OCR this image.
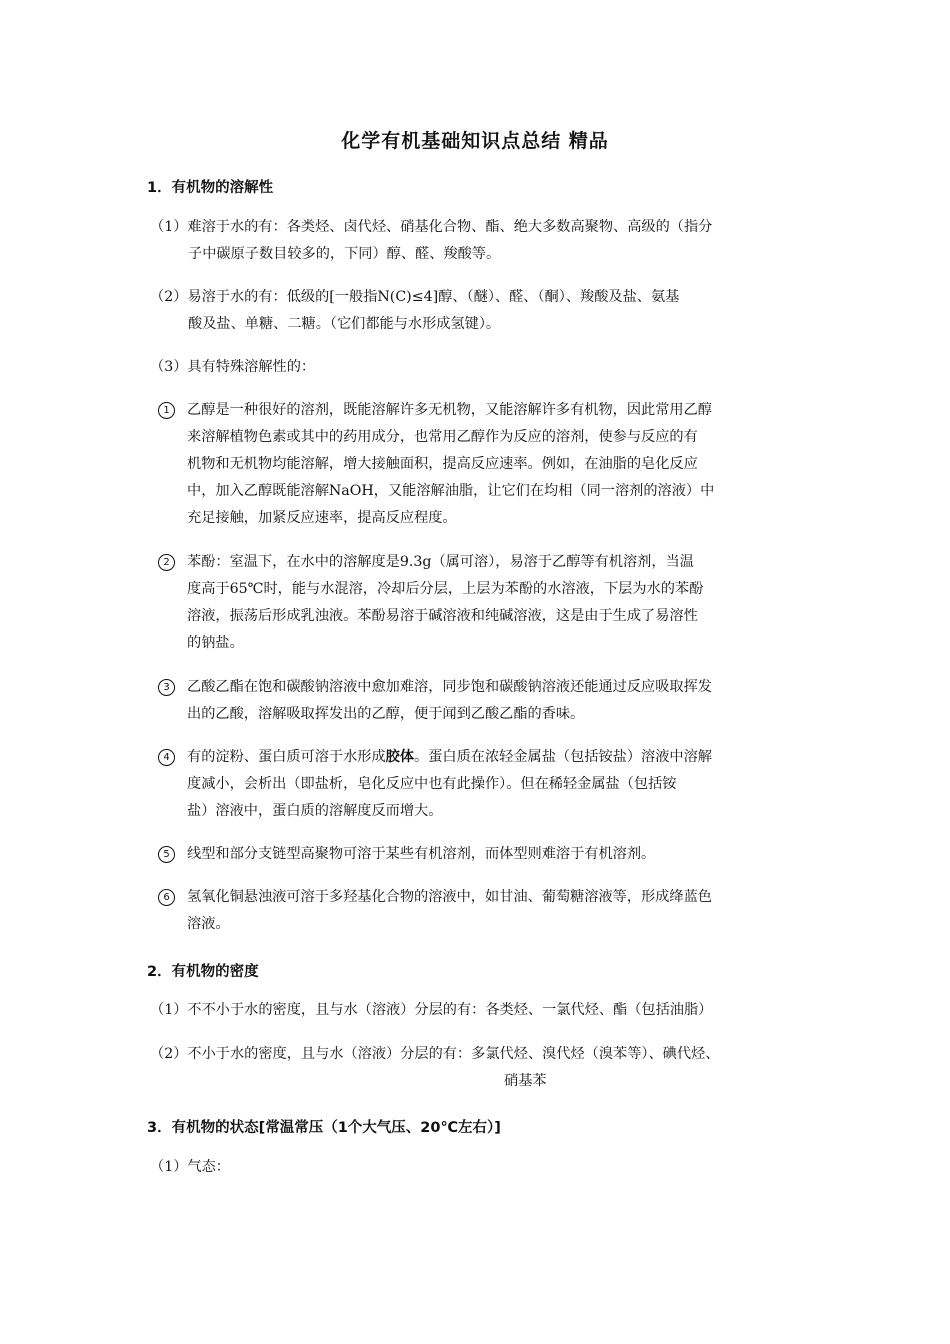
化学有机基础知识点总结 精品
1．有机物的溶解性
（1）难溶于水的有：各类烃、卤代烃、硝基化合物、酯、绝大多数高聚物、高级的（指分
子中碳原子数目较多的，下同）醇、醛、羧酸等。
（2）易溶于水的有：低级的[一般指N(C)≤4]醇、（醚）、醛、（酮）、羧酸及盐、氨基
酸及盐、单糖、二糖。（它们都能与水形成氢键）。
（3）具有特殊溶解性的：
1 乙醇是一种很好的溶剂，既能溶解许多无机物，又能溶解许多有机物，因此常用乙醇
来溶解植物色素或其中的药用成分，也常用乙醇作为反应的溶剂，使参与反应的有
机物和无机物均能溶解，增大接触面积，提高反应速率。例如，在油脂的皂化反应
中，加入乙醇既能溶解NaOH，又能溶解油脂，让它们在均相（同一溶剂的溶液）中
充足接触，加紧反应速率，提高反应程度。
2 苯酚：室温下，在水中的溶解度是9.3g（属可溶），易溶于乙醇等有机溶剂，当温
度高于65℃时，能与水混溶，冷却后分层，上层为苯酚的水溶液，下层为水的苯酚
溶液，振荡后形成乳浊液。苯酚易溶于碱溶液和纯碱溶液，这是由于生成了易溶性
的钠盐。
3 乙酸乙酯在饱和碳酸钠溶液中愈加难溶，同步饱和碳酸钠溶液还能通过反应吸取挥发
出的乙酸，溶解吸取挥发出的乙醇，便于闻到乙酸乙酯的香味。
4 有的淀粉、蛋白质可溶于水形成胶体。蛋白质在浓轻金属盐（包括铵盐）溶液中溶解
度减小，会析出（即盐析，皂化反应中也有此操作）。但在稀轻金属盐（包括铵
盐）溶液中，蛋白质的溶解度反而增大。
5 线型和部分支链型高聚物可溶于某些有机溶剂，而体型则难溶于有机溶剂。
6 氢氧化铜悬浊液可溶于多羟基化合物的溶液中，如甘油、葡萄糖溶液等，形成绛蓝色
溶液。
2．有机物的密度
（1）不不小于水的密度，且与水（溶液）分层的有：各类烃、一氯代烃、酯（包括油脂）
（2）不小于水的密度，且与水（溶液）分层的有：多氯代烃、溴代烃（溴苯等）、碘代烃、
硝基苯
3．有机物的状态[常温常压（1个大气压、20℃左右）]
（1）气态：
